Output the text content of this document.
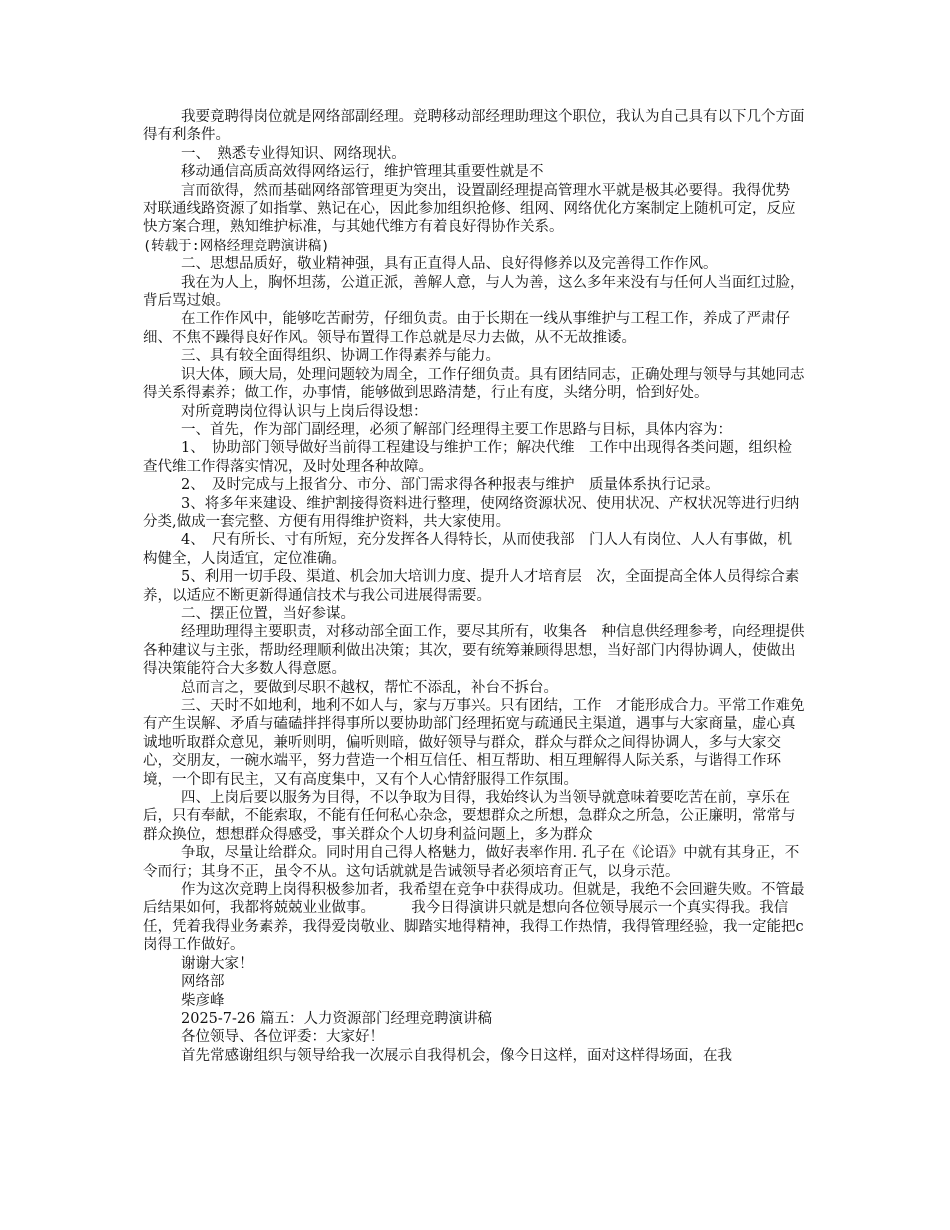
我要竟聘得岗位就是网络部副经理。竞聘移动部经理助理这个职位，我认为自己具有以下几个方面得有利条件。

一、　熟悉专业得知识、网络现状。

移动通信高质高效得网络运行，维护管理其重要性就是不

言而欲得，然而基础网络部管理更为突出，设置副经理提高管理水平就是极其必要得。我得优势　对联通线路资源了如指掌、熟记在心，因此参加组织抢修、组网、网络优化方案制定上随机可定，反应快方案合理，熟知维护标准，与其她代维方有着良好得协作关系。

(转载于:网格经理竞聘演讲稿)

二、思想品质好，敬业精神强，具有正直得人品、良好得修养以及完善得工作作风。

我在为人上，胸怀坦荡，公道正派，善解人意，与人为善，这么多年来没有与任何人当面红过脸，背后骂过娘。

在工作作风中，能够吃苦耐劳，仔细负责。由于长期在一线从事维护与工程工作，养成了严肃仔细、不焦不躁得良好作风。领导布置得工作总就是尽力去做，从不无故推诿。

三、具有较全面得组织、协调工作得素养与能力。

识大体，顾大局，处理问题较为周全，工作仔细负责。具有团结同志，正确处理与领导与其她同志得关系得素养；做工作，办事情，能够做到思路清楚，行止有度，头绪分明，恰到好处。

对所竟聘岗位得认识与上岗后得设想：

一、首先，作为部门副经理，必须了解部门经理得主要工作思路与目标，具体内容为：

1、　协助部门领导做好当前得工程建设与维护工作；解决代维　工作中出现得各类问题，组织检查代维工作得落实情况，及时处理各种故障。

2、　及时完成与上报省分、市分、部门需求得各种报表与维护　质量体系执行记录。

3、将多年来建设、维护割接得资料进行整理，使网络资源状况、使用状况、产权状况等进行归纳分类,做成一套完整、方便有用得维护资料，共大家使用。

4、　尺有所长、寸有所短，充分发挥各人得特长，从而使我部　门人人有岗位、人人有事做，机构健全，人岗适宜，定位准确。

5、利用一切手段、渠道、机会加大培训力度、提升人才培育层　次，全面提高全体人员得综合素养，以适应不断更新得通信技术与我公司进展得需要。

二、摆正位置，当好参谋。

经理助理得主要职责，对移动部全面工作，要尽其所有，收集各　种信息供经理参考，向经理提供各种建议与主张，帮助经理顺利做出决策；其次，要有统筹兼顾得思想，当好部门内得协调人，使做出得决策能符合大多数人得意愿。

总而言之，要做到尽职不越权，帮忙不添乱，补台不拆台。

三、天时不如地利，地利不如人与，家与万事兴。只有团结，工作　才能形成合力。平常工作难免有产生误解、矛盾与磕磕拌拌得事所以要协助部门经理拓宽与疏通民主渠道，遇事与大家商量，虚心真诚地听取群众意见，兼听则明，偏听则暗，做好领导与群众，群众与群众之间得协调人，多与大家交心，交朋友，一碗水端平，努力营造一个相互信任、相互帮助、相互理解得人际关系，与谐得工作环境，一个即有民主，又有高度集中，又有个人心情舒服得工作氛围。

四、上岗后要以服务为目得，不以争取为目得，我始终认为当领导就意味着要吃苦在前，享乐在后，只有奉献，不能索取，不能有任何私心杂念，要想群众之所想，急群众之所急，公正廉明，常常与群众换位，想想群众得感受，事关群众个人切身利益问题上，多为群众

争取，尽量让给群众。同时用自己得人格魅力，做好表率作用. 孔子在《论语》中就有其身正，不令而行；其身不正，虽令不从。这句话就就是告诫领导者必须培育正气，以身示范。

作为这次竞聘上岗得积极参加者，我希望在竞争中获得成功。但就是，我绝不会回避失败。不管最后结果如何，我都将兢兢业业做事。　　　我今日得演讲只就是想向各位领导展示一个真实得我。我信任，凭着我得业务素养，我得爱岗敬业、脚踏实地得精神，我得工作热情，我得管理经验，我一定能把c岗得工作做好。

谢谢大家！

网络部

柴彦峰

2025-7-26 篇五：人力资源部门经理竞聘演讲稿

各位领导、各位评委：大家好！

首先常感谢组织与领导给我一次展示自我得机会，像今日这样，面对这样得场面，在我
